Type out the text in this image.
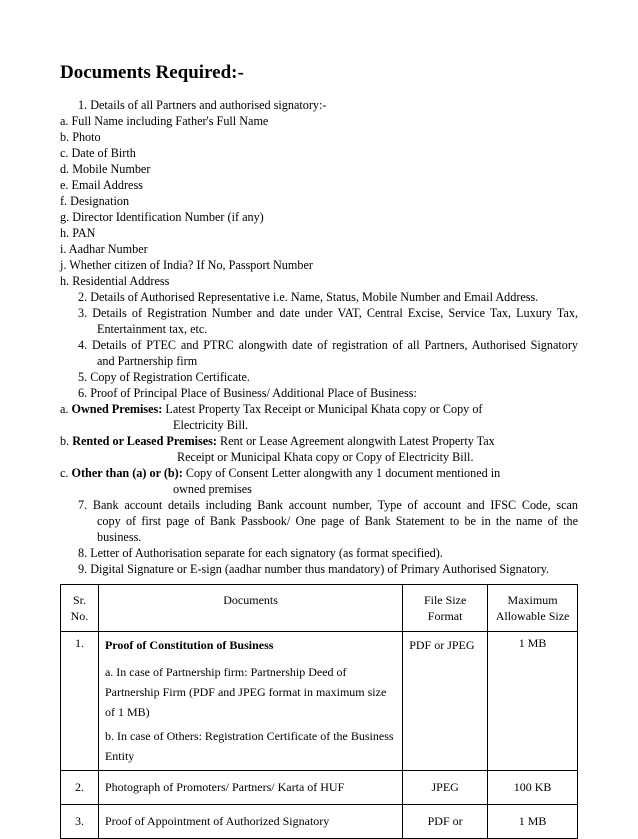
Documents Required:-
1. Details of all Partners and authorised signatory:-
a. Full Name including Father's Full Name
b. Photo
c. Date of Birth
d. Mobile Number
e. Email Address
f. Designation
g. Director Identification Number (if any)
h. PAN
i. Aadhar Number
j. Whether citizen of India? If No, Passport Number
h. Residential Address
2. Details of Authorised Representative i.e. Name, Status, Mobile Number and Email Address.
3. Details of Registration Number and date under VAT, Central Excise, Service Tax, Luxury Tax,
Entertainment tax, etc.
4. Details of PTEC and PTRC alongwith date of registration of all Partners, Authorised Signatory
and Partnership firm
5. Copy of Registration Certificate.
6. Proof of Principal Place of Business/ Additional Place of Business:
a. Owned Premises: Latest Property Tax Receipt or Municipal Khata copy or Copy of
Electricity Bill.
b. Rented or Leased Premises: Rent or Lease Agreement alongwith Latest Property Tax
Receipt or Municipal Khata copy or Copy of Electricity Bill.
c. Other than (a) or (b): Copy of Consent Letter alongwith any 1 document mentioned in
owned premises
7. Bank account details including Bank account number, Type of account and IFSC Code, scan
copy of first page of Bank Passbook/ One page of Bank Statement to be in the name of the
business.
8. Letter of Authorisation separate for each signatory (as format specified).
9. Digital Signature or E-sign (aadhar number thus mandatory) of Primary Authorised Signatory.
Sr. No.	Documents	File Size Format	Maximum Allowable Size
1.	Proof of Constitution of Business
a. In case of Partnership firm: Partnership Deed of Partnership Firm (PDF and JPEG format in maximum size of 1 MB)
b. In case of Others: Registration Certificate of the Business Entity	PDF or JPEG	1 MB
2.	Photograph of Promoters/ Partners/ Karta of HUF	JPEG	100 KB
3.	Proof of Appointment of Authorized Signatory	PDF or	1 MB
